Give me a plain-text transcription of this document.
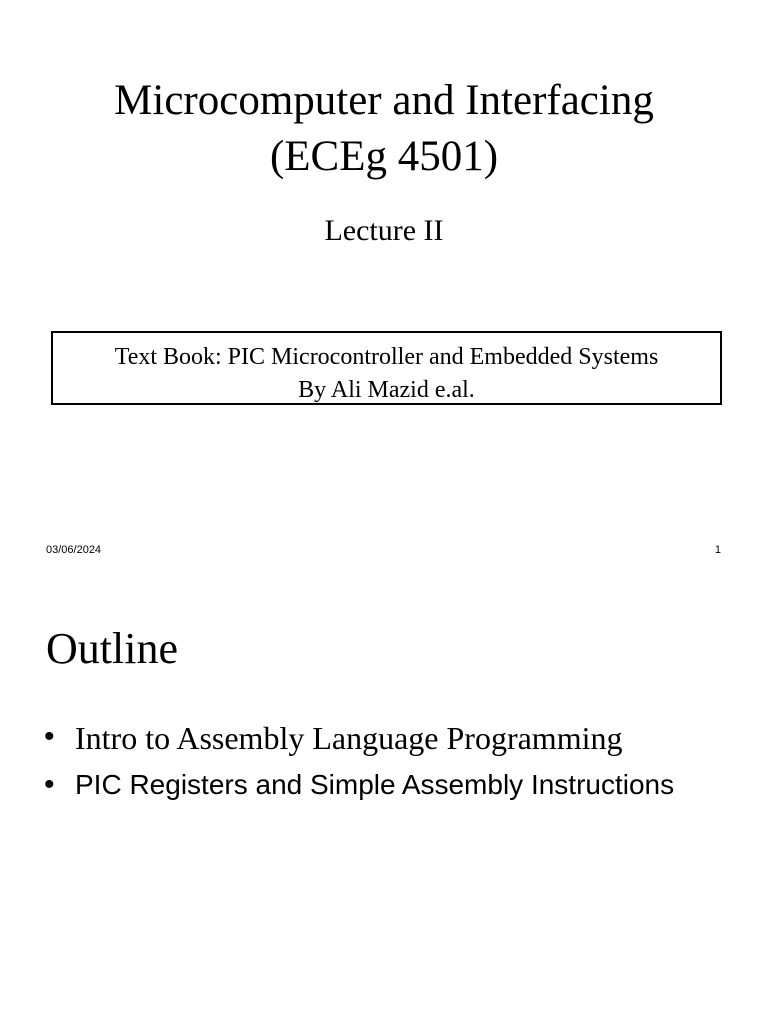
Microcomputer and Interfacing
(ECEg 4501)
Lecture II
Text Book: PIC Microcontroller and Embedded Systems
By Ali Mazid e.al.
03/06/2024	1
Outline
• Intro to Assembly Language Programming
• PIC Registers and Simple Assembly Instructions
